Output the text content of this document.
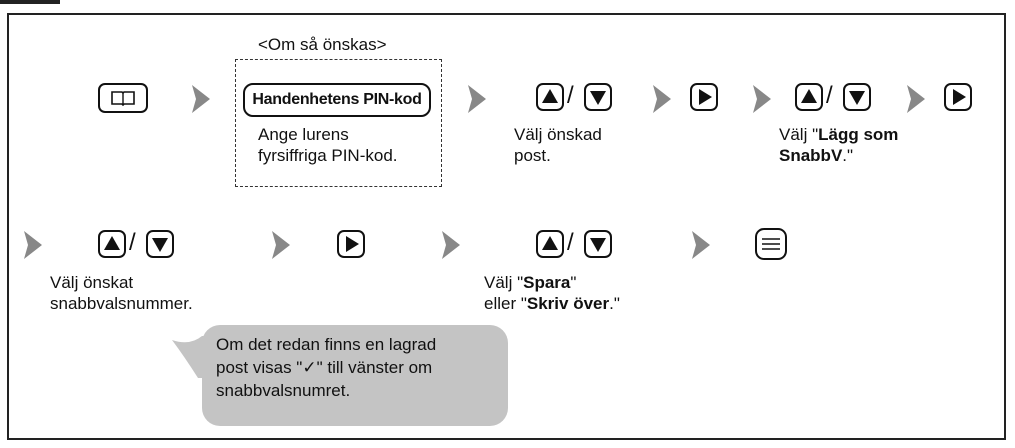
<Om så önskas>
Handenhetens PIN-kod
Ange lurens
fyrsiffriga PIN-kod.
/
Välj önskad
post.
/
Välj "Lägg som
SnabbV."
/
Välj önskat
snabbvalsnummer.
/
Välj "Spara"
eller "Skriv över."
Om det redan finns en lagrad
post visas "✓" till vänster om
snabbvalsnumret.
